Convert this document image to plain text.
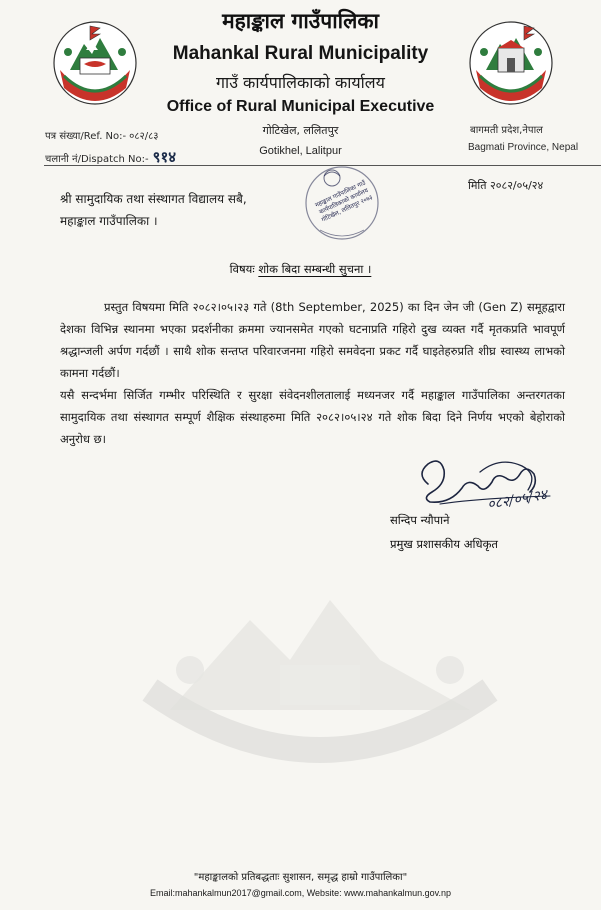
महाङ्काल गाउँपालिका
Mahankal Rural Municipality
गाउँ कार्यपालिकाको कार्यालय
Office of Rural Municipal Executive
गोटिखेल, ललितपुर
Gotikhel, Lalitpur
पत्र संख्या/Ref. No:- ०८२/८३
चलानी नं/Dispatch No:- ९१४
बागमती प्रदेश,नेपाल
Bagmati Province, Nepal
श्री सामुदायिक तथा संस्थागत विद्यालय सबै,
महाङ्काल गाउँपालिका ।
मिति २०८२/०५/२४
महाङ्काल गाउँपालिका गाउँ कार्यपालिकाको कार्यालय गोटिखेल, ललितपुर २०७३
विषयः शोक बिदा सम्बन्धी सुचना ।
प्रस्तुत विषयमा मिति २०८२।०५।२३ गते (8th September, 2025) का दिन जेन जी (Gen Z) समूहद्वारा देशका विभिन्न स्थानमा भएका प्रदर्शनीका क्रममा ज्यानसमेत गएको घटनाप्रति गहिरो दुख व्यक्त गर्दै मृतकप्रति भावपूर्ण श्रद्धान्जली अर्पण गर्दछौं । साथै शोक सन्तप्त परिवारजनमा गहिरो समवेदना प्रकट गर्दै घाइतेहरुप्रति शीघ्र स्वास्थ्य लाभको कामना गर्दछौं।
यसै सन्दर्भमा सिर्जित गम्भीर परिस्थिति र सुरक्षा संवेदनशीलतालाई मध्यनजर गर्दै महाङ्काल गाउँपालिका अन्तरगतका सामुदायिक तथा संस्थागत सम्पूर्ण शैक्षिक संस्थाहरुमा मिति २०८२।०५।२४ गते शोक बिदा दिने निर्णय भएको बेहोराको अनुरोध छ।
०८२/०५/२४
सन्दिप न्यौपाने
प्रमुख प्रशासकीय अधिकृत
"महाङ्कालको प्रतिबद्धताः सुशासन, समृद्ध हाम्रो गाउँपालिका"
Email:mahankalmun2017@gmail.com, Website: www.mahankalmun.gov.np
